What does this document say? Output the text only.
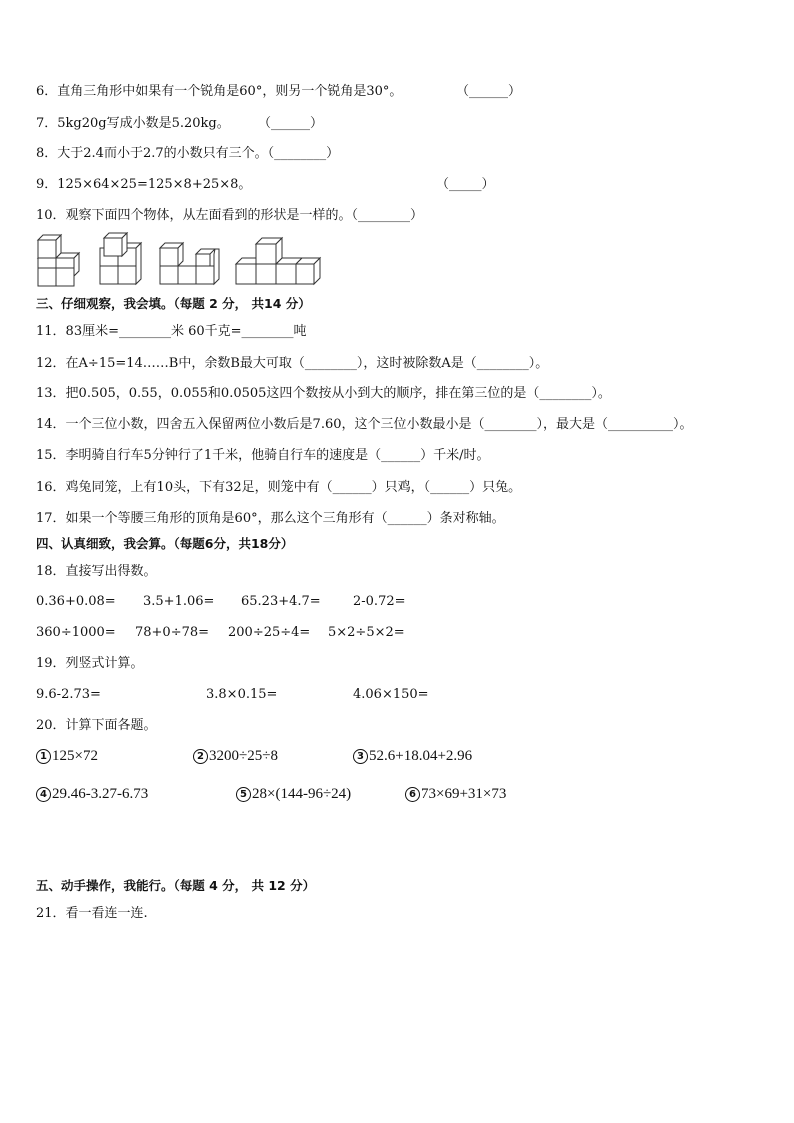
6．直角三角形中如果有一个锐角是60°，则另一个锐角是30°。	（______）
7．5kg20g写成小数是5.20kg。 （______）
8．大于2.4而小于2.7的小数只有三个。（________）
9．125×64×25=125×8+25×8。	（_____）
10．观察下面四个物体，从左面看到的形状是一样的。（________）
三、仔细观察，我会填。（每题 2 分， 共14 分）
11．83厘米=________米 60千克=________吨
12．在A÷15=14……B中，余数B最大可取（________），这时被除数A是（________）。
13．把0.505，0.55，0.055和0.0505这四个数按从小到大的顺序，排在第三位的是（________）。
14．一个三位小数，四舍五入保留两位小数后是7.60，这个三位小数最小是（________），最大是（__________）。
15．李明骑自行车5分钟行了1千米，他骑自行车的速度是（______）千米/时。
16．鸡兔同笼，上有10头，下有32足，则笼中有（______）只鸡，（______）只兔。
17．如果一个等腰三角形的顶角是60°，那么这个三角形有（______）条对称轴。
四、认真细致，我会算。（每题6分，共18分）
18．直接写出得数。
0.36+0.08= 3.5+1.06= 65.23+4.7= 2-0.72=
360÷1000= 78+0÷78= 200÷25÷4= 5×2÷5×2=
19．列竖式计算。
9.6-2.73=	3.8×0.15=	4.06×150=
20．计算下面各题。
1 125×72	2 3200÷25÷8	3 52.6+18.04+2.96
4 29.46-3.27-6.73	5 28×(144-96÷24)	6 73×69+31×73
五、动手操作，我能行。（每题 4 分， 共 12 分）
21．看一看连一连.
